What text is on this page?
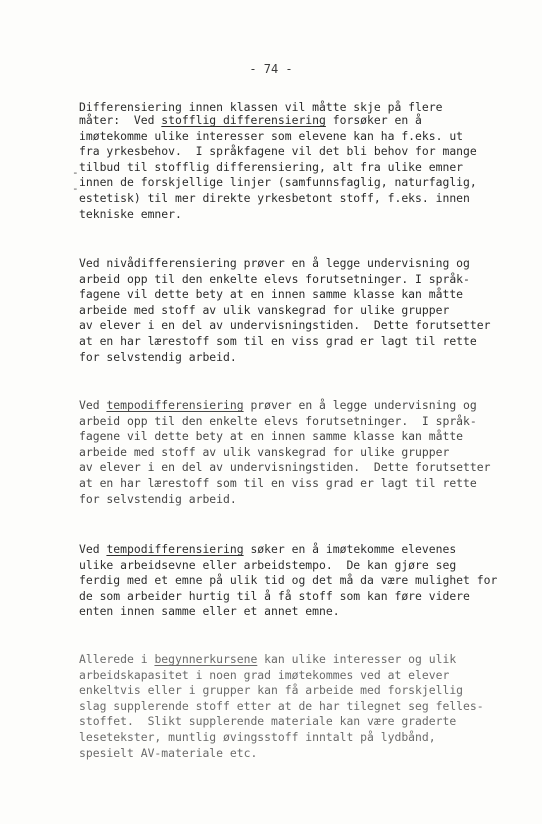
- 74 -
Differensiering innen klassen vil måtte skje på flere
måter:  Ved stofflig differensiering forsøker en å
imøtekomme ulike interesser som elevene kan ha f.eks. ut
fra yrkesbehov.  I språkfagene vil det bli behov for mange
tilbud til stofflig differensiering, alt fra ulike emner
innen de forskjellige linjer (samfunnsfaglig, naturfaglig,
estetisk) til mer direkte yrkesbetont stoff, f.eks. innen
tekniske emner.
Ved nivådifferensiering prøver en å legge undervisning og
arbeid opp til den enkelte elevs forutsetninger. I språk-
fagene vil dette bety at en innen samme klasse kan måtte
arbeide med stoff av ulik vanskegrad for ulike grupper
av elever i en del av undervisningstiden.  Dette forutsetter
at en har lærestoff som til en viss grad er lagt til rette
for selvstendig arbeid.
Ved tempodifferensiering prøver en å legge undervisning og
arbeid opp til den enkelte elevs forutsetninger.  I språk-
fagene vil dette bety at en innen samme klasse kan måtte
arbeide med stoff av ulik vanskegrad for ulike grupper
av elever i en del av undervisningstiden.  Dette forutsetter
at en har lærestoff som til en viss grad er lagt til rette
for selvstendig arbeid.
Ved tempodifferensiering søker en å imøtekomme elevenes
ulike arbeidsevne eller arbeidstempo.  De kan gjøre seg
ferdig med et emne på ulik tid og det må da være mulighet for
de som arbeider hurtig til å få stoff som kan føre videre
enten innen samme eller et annet emne.
Allerede i begynnerkursene kan ulike interesser og ulik
arbeidskapasitet i noen grad imøtekommes ved at elever
enkeltvis eller i grupper kan få arbeide med forskjellig
slag supplerende stoff etter at de har tilegnet seg felles-
stoffet.  Slikt supplerende materiale kan være graderte
lesetekster, muntlig øvingsstoff inntalt på lydbånd,
spesielt AV-materiale etc.
-
-
